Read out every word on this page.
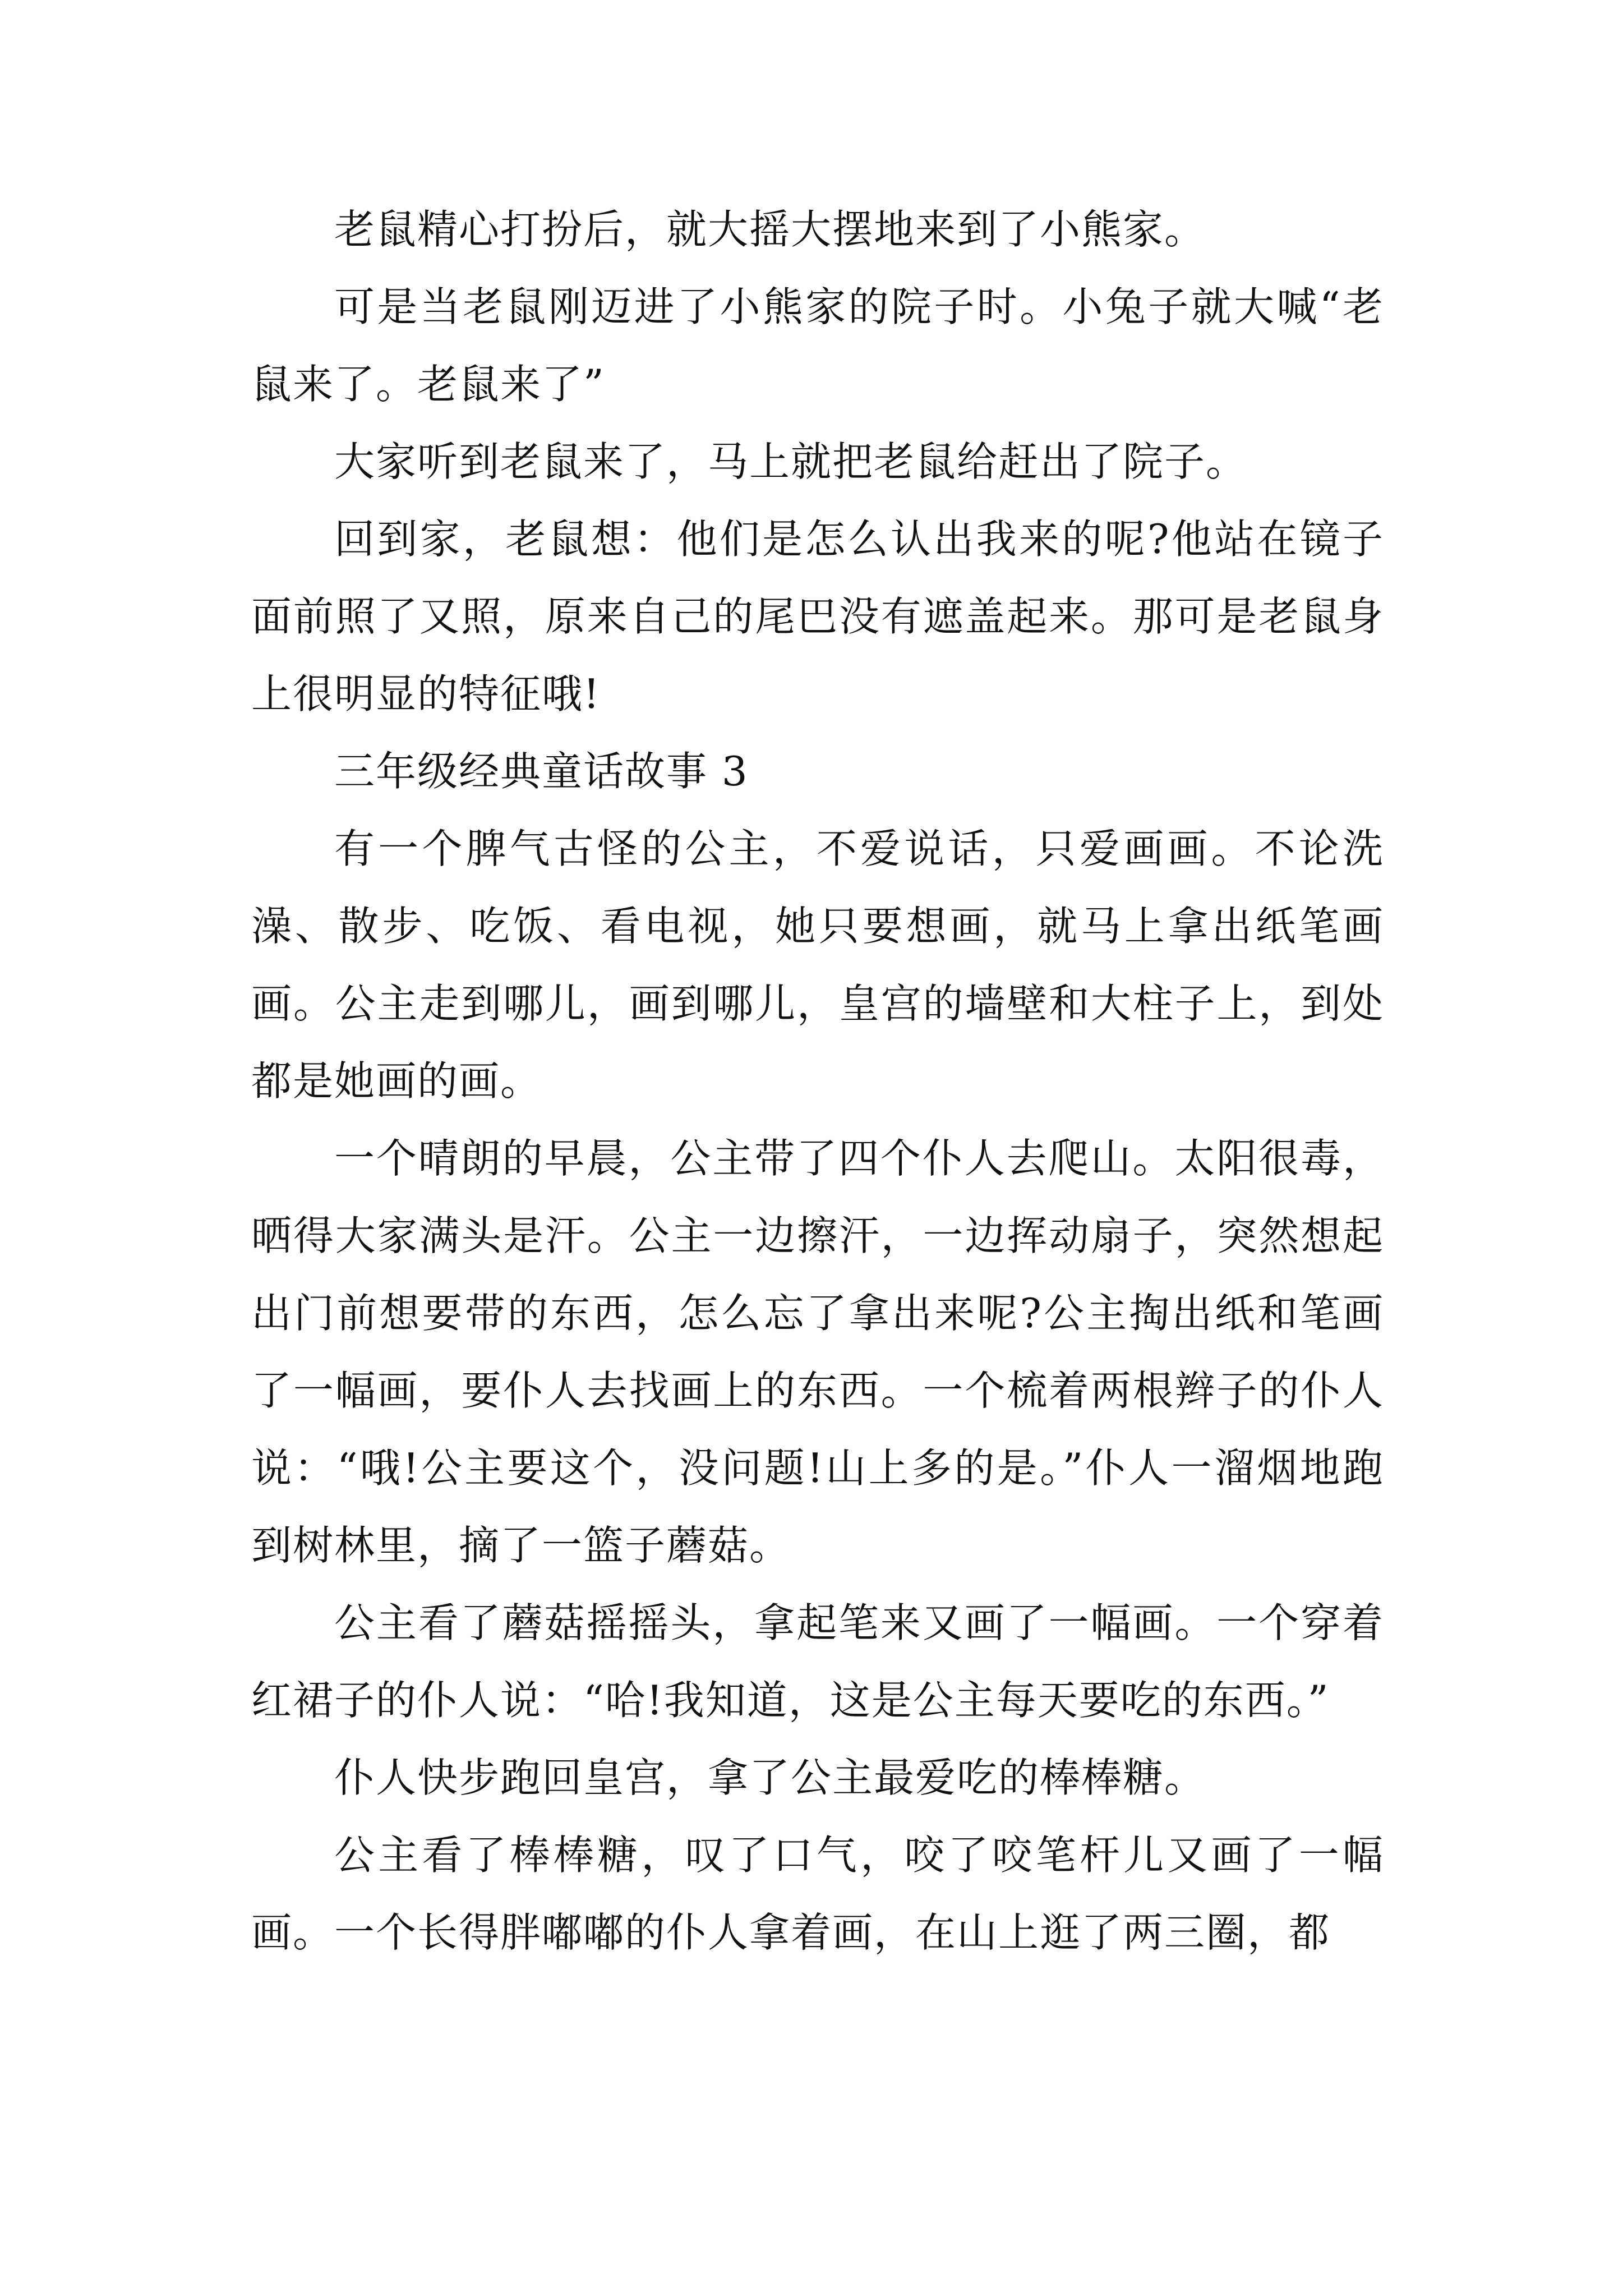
老鼠精心打扮后，就大摇大摆地来到了小熊家。

可是当老鼠刚迈进了小熊家的院子时。小兔子就大喊“老鼠来了。老鼠来了”

大家听到老鼠来了，马上就把老鼠给赶出了院子。

回到家，老鼠想：他们是怎么认出我来的呢?他站在镜子面前照了又照，原来自己的尾巴没有遮盖起来。那可是老鼠身上很明显的特征哦!

三年级经典童话故事 3

有一个脾气古怪的公主，不爱说话，只爱画画。不论洗澡、散步、吃饭、看电视，她只要想画，就马上拿出纸笔画画。公主走到哪儿，画到哪儿，皇宫的墙壁和大柱子上，到处都是她画的画。

一个晴朗的早晨，公主带了四个仆人去爬山。太阳很毒，晒得大家满头是汗。公主一边擦汗，一边挥动扇子，突然想起出门前想要带的东西，怎么忘了拿出来呢?公主掏出纸和笔画了一幅画，要仆人去找画上的东西。一个梳着两根辫子的仆人说：“哦!公主要这个，没问题!山上多的是。”仆人一溜烟地跑到树林里，摘了一篮子蘑菇。

公主看了蘑菇摇摇头，拿起笔来又画了一幅画。一个穿着红裙子的仆人说：“哈!我知道，这是公主每天要吃的东西。”

仆人快步跑回皇宫，拿了公主最爱吃的棒棒糖。

公主看了棒棒糖，叹了口气，咬了咬笔杆儿又画了一幅画。一个长得胖嘟嘟的仆人拿着画，在山上逛了两三圈，都
